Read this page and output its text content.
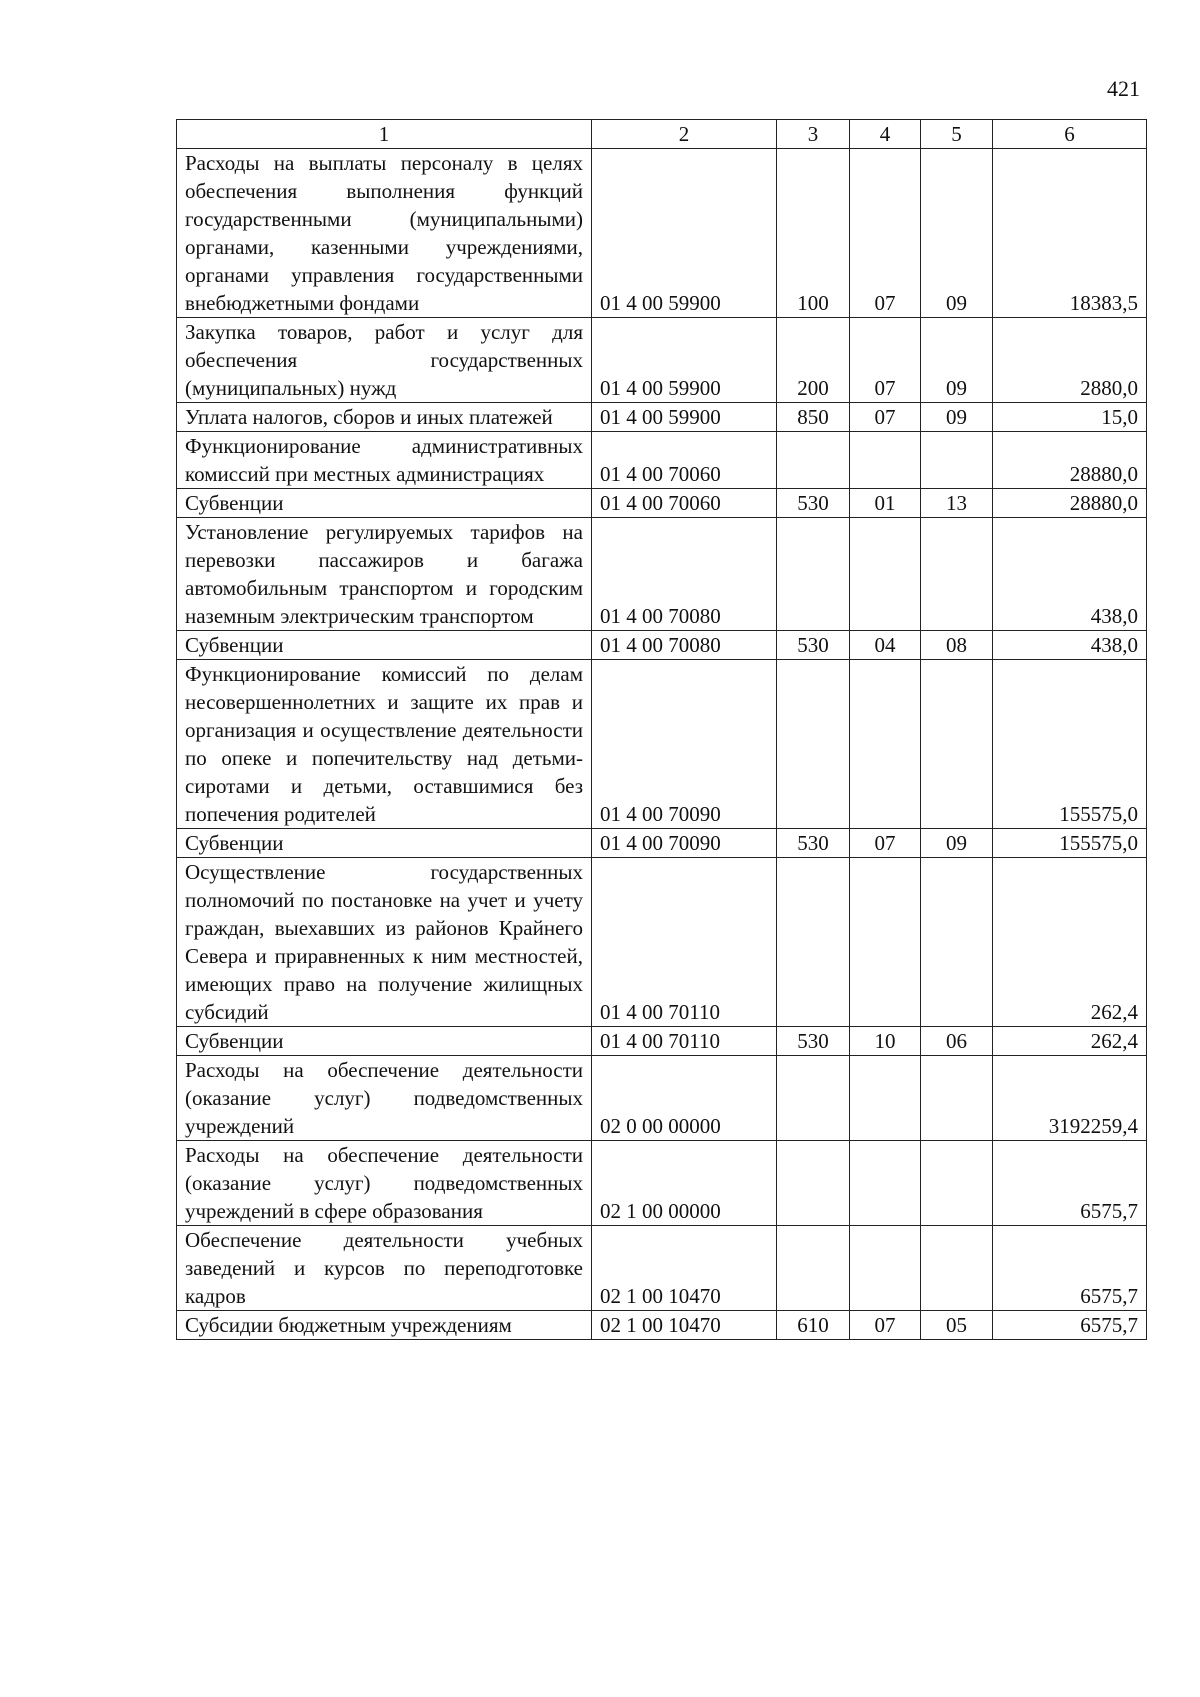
421
1	2	3	4	5	6
Расходы на выплаты персоналу в целях обеспечения выполнения функций государственными (муниципальными) органами, казенными учреждениями, органами управления государственными внебюджетными фондами	01 4 00 59900	100	07	09	18383,5
Закупка товаров, работ и услуг для обеспечения государственных (муниципальных) нужд	01 4 00 59900	200	07	09	2880,0
Уплата налогов, сборов и иных платежей	01 4 00 59900	850	07	09	15,0
Функционирование административных комиссий при местных администрациях	01 4 00 70060				28880,0
Субвенции	01 4 00 70060	530	01	13	28880,0
Установление регулируемых тарифов на перевозки пассажиров и багажа автомобильным транспортом и городским наземным электрическим транспортом	01 4 00 70080				438,0
Субвенции	01 4 00 70080	530	04	08	438,0
Функционирование комиссий по делам несовершеннолетних и защите их прав и организация и осуществление деятельности по опеке и попечительству над детьми-сиротами и детьми, оставшимися без попечения родителей	01 4 00 70090				155575,0
Субвенции	01 4 00 70090	530	07	09	155575,0
Осуществление государственных полномочий по постановке на учет и учету граждан, выехавших из районов Крайнего Севера и приравненных к ним местностей, имеющих право на получение жилищных субсидий	01 4 00 70110				262,4
Субвенции	01 4 00 70110	530	10	06	262,4
Расходы на обеспечение деятельности (оказание услуг) подведомственных учреждений	02 0 00 00000				3192259,4
Расходы на обеспечение деятельности (оказание услуг) подведомственных учреждений в сфере образования	02 1 00 00000				6575,7
Обеспечение деятельности учебных заведений и курсов по переподготовке кадров	02 1 00 10470				6575,7
Субсидии бюджетным учреждениям	02 1 00 10470	610	07	05	6575,7
